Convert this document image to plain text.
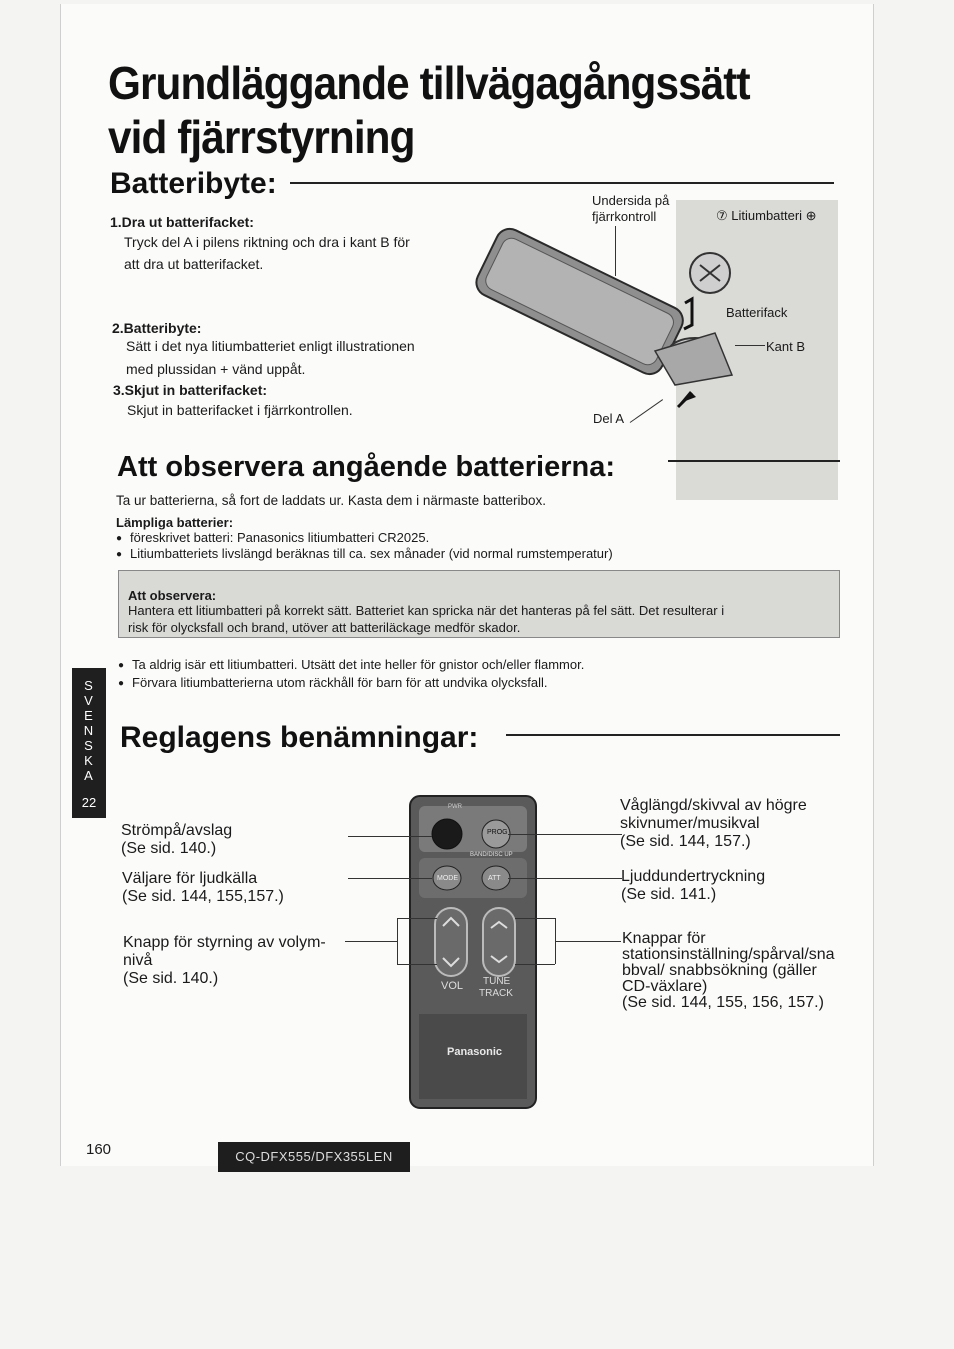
Grundläggande tillvägagångssätt
vid fjärrstyrning
Batteribyte:
1.Dra ut batterifacket:
Tryck del A i pilens riktning och dra i kant B för
att dra ut batterifacket.
2.Batteribyte:
Sätt i det nya litiumbatteriet enligt illustrationen
med plussidan + vänd uppåt.
3.Skjut in batterifacket:
Skjut in batterifacket i fjärrkontrollen.
Undersida på
fjärrkontroll	⑦ Litiumbatteri ⊕
Batterifack
Kant B
Del A
Att observera angående batterierna:
Ta ur batterierna, så fort de laddats ur. Kasta dem i närmaste batteribox.
Lämpliga batterier:
● föreskrivet batteri: Panasonics litiumbatteri CR2025.
● Litiumbatteriets livslängd beräknas till ca. sex månader (vid normal rumstemperatur)
Att observera:
Hantera ett litiumbatteri på korrekt sätt. Batteriet kan spricka när det hanteras på fel sätt. Det resulterar i
risk för olycksfall och brand, utöver att batteriläckage medför skador.
● Ta aldrig isär ett litiumbatteri. Utsätt det inte heller för gnistor och/eller flammor.
● Förvara litiumbatterierna utom räckhåll för barn för att undvika olycksfall.
S
V
E
N
S
K
A
22
Reglagens benämningar:
PWR
PROG
BAND/DISC UP
MODE	ATT
VOL TUNE
TRACK
Panasonic
Strömpå/avslag
(Se sid. 140.)
Väljare för ljudkälla
(Se sid. 144, 155,157.)
Knapp för styrning av volym-
nivå
(Se sid. 140.)
Våglängd/skivval av högre
skivnumer/musikval
(Se sid. 144, 157.)
Ljuddundertryckning
(Se sid. 141.)
Knappar för
stationsinställning/spårval/sna
bbval/ snabbsökning (gäller
CD-växlare)
(Se sid. 144, 155, 156, 157.)
160	CQ-DFX555/DFX355LEN
